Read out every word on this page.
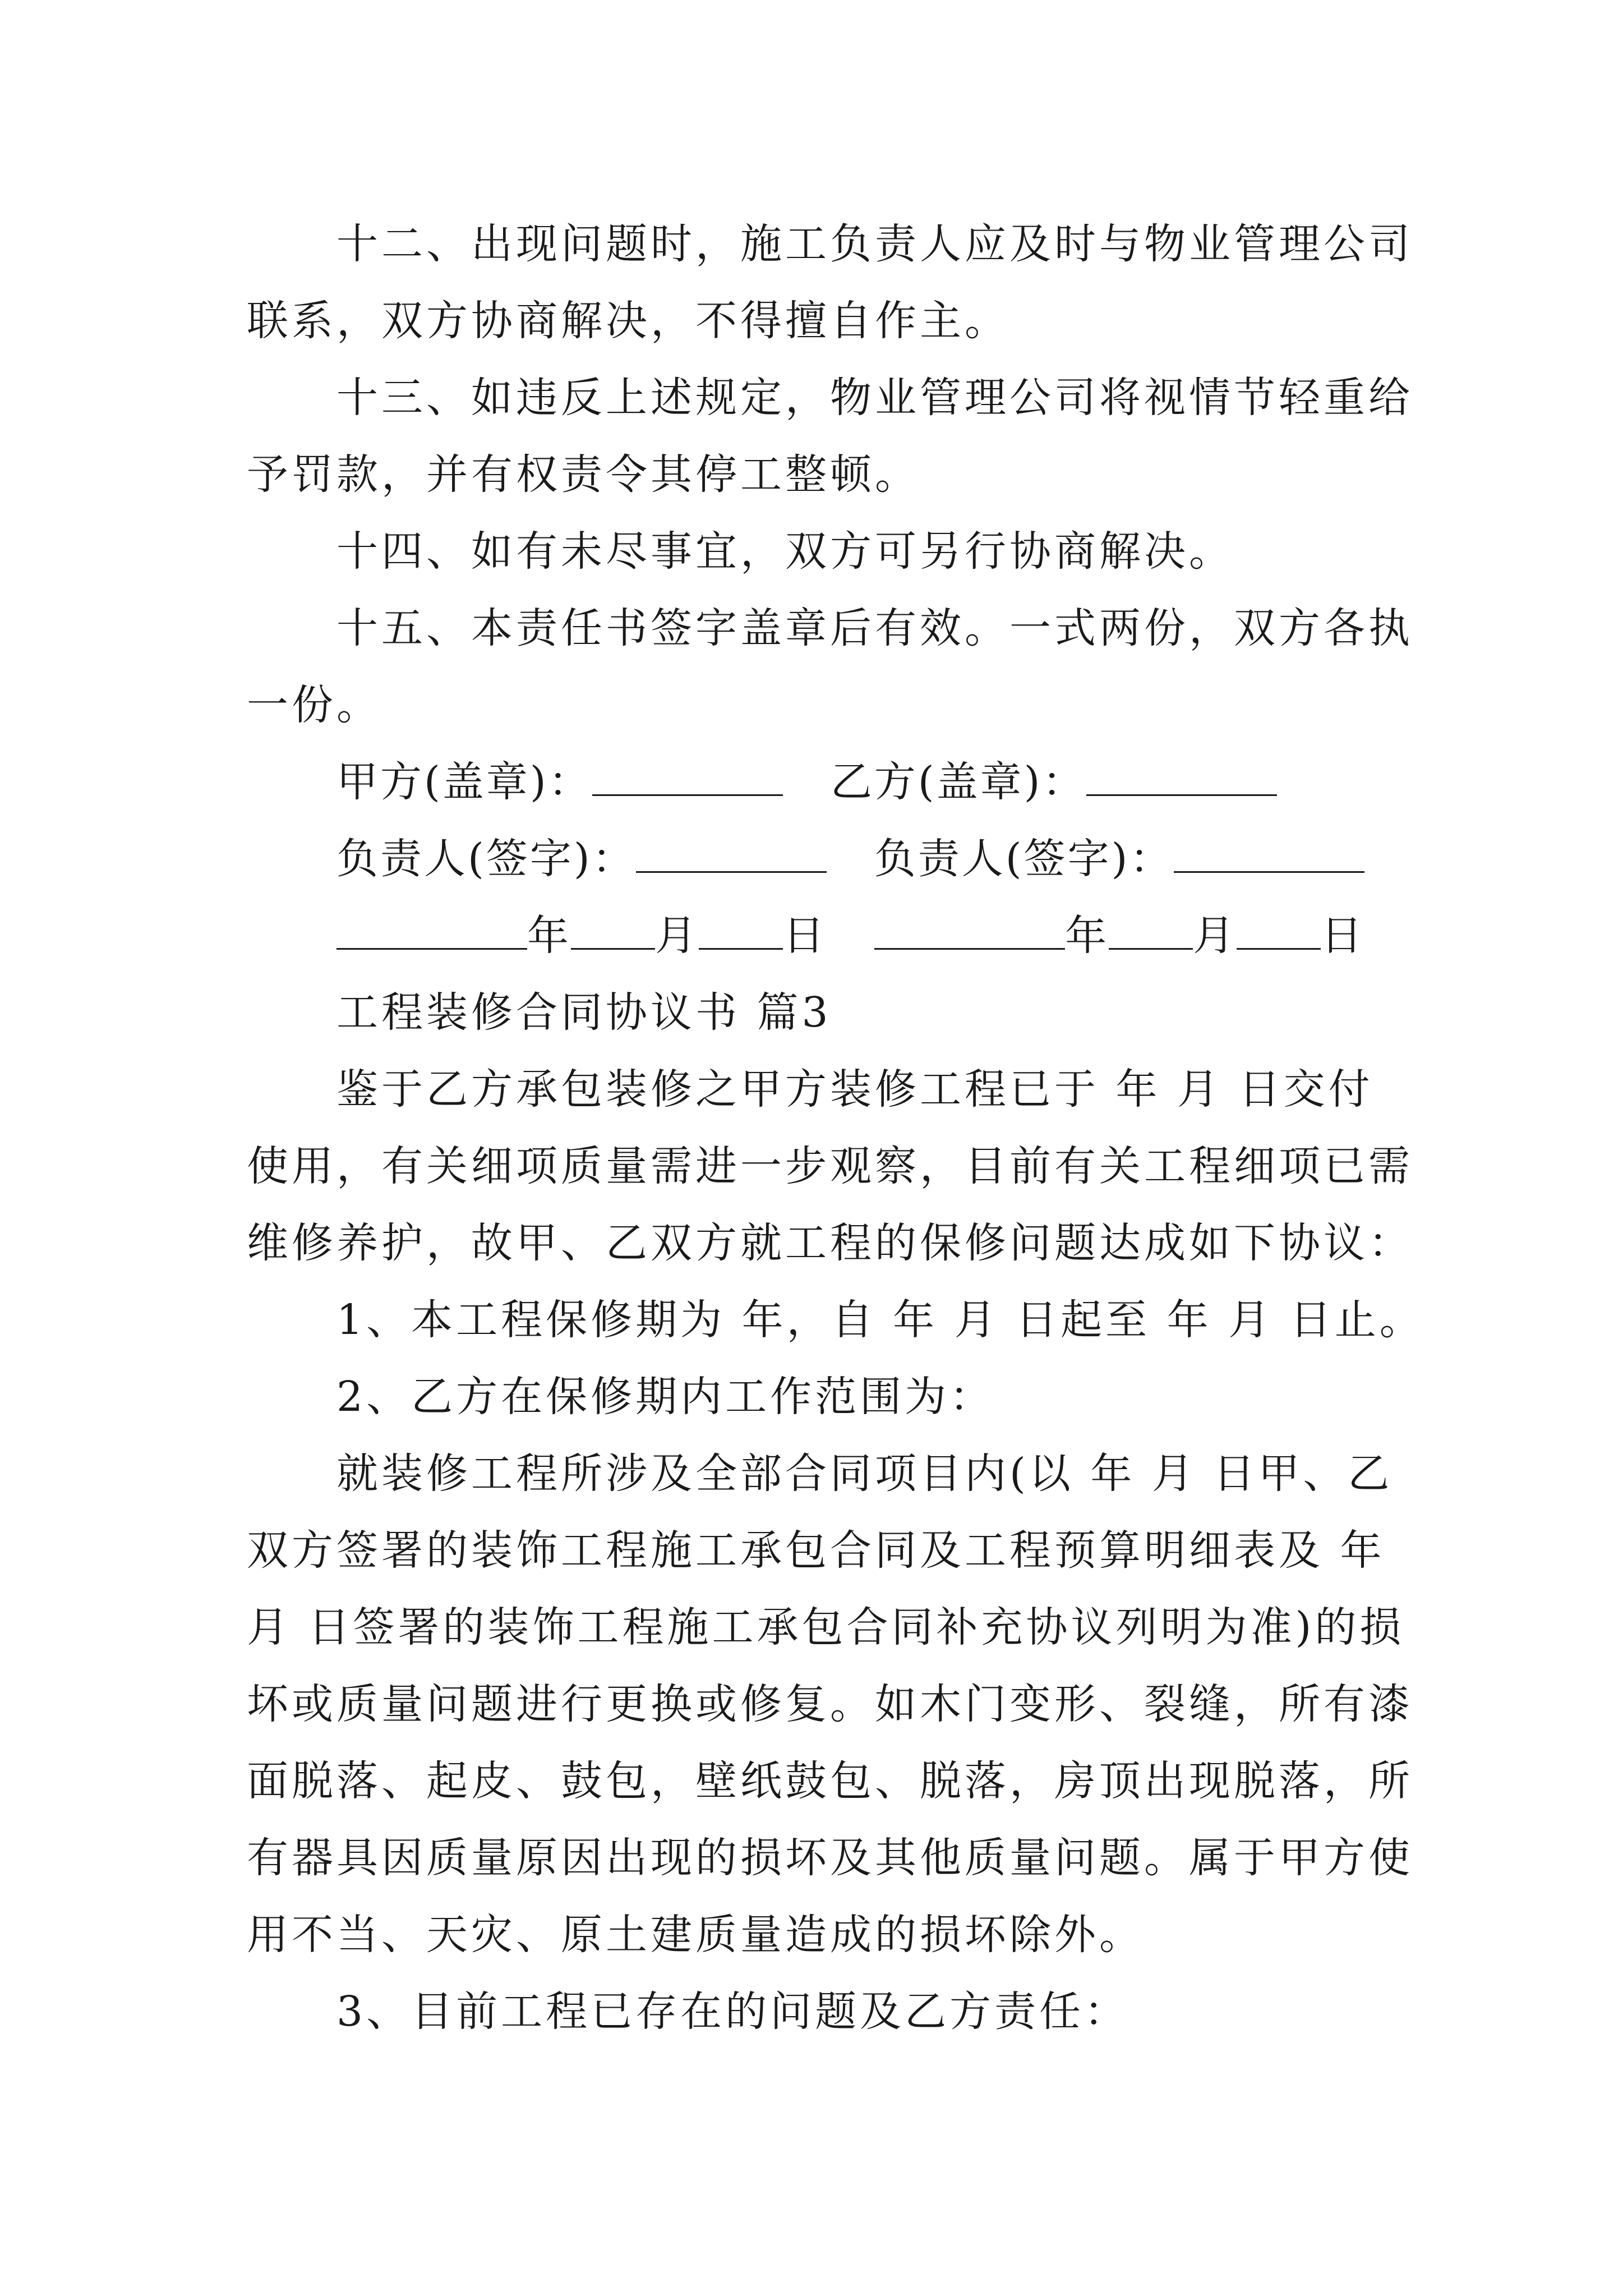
十二、出现问题时，施工负责人应及时与物业管理公司
联系，双方协商解决，不得擅自作主。
十三、如违反上述规定，物业管理公司将视情节轻重给
予罚款，并有权责令其停工整顿。
十四、如有未尽事宜，双方可另行协商解决。
十五、本责任书签字盖章后有效。一式两份，双方各执
一份。
甲方(盖章)：	乙方(盖章)：
负责人(签字)：	负责人(签字)：
年 月 日	年 月 日
工程装修合同协议书 篇3
鉴于乙方承包装修之甲方装修工程已于 年 月 日交付
使用，有关细项质量需进一步观察，目前有关工程细项已需
维修养护，故甲、乙双方就工程的保修问题达成如下协议：
1、本工程保修期为 年，自 年 月 日起至 年 月 日止。
2、乙方在保修期内工作范围为：
就装修工程所涉及全部合同项目内(以 年 月 日甲、乙
双方签署的装饰工程施工承包合同及工程预算明细表及 年
月 日签署的装饰工程施工承包合同补充协议列明为准)的损
坏或质量问题进行更换或修复。如木门变形、裂缝，所有漆
面脱落、起皮、鼓包，壁纸鼓包、脱落，房顶出现脱落，所
有器具因质量原因出现的损坏及其他质量问题。属于甲方使
用不当、天灾、原土建质量造成的损坏除外。
3、目前工程已存在的问题及乙方责任：
